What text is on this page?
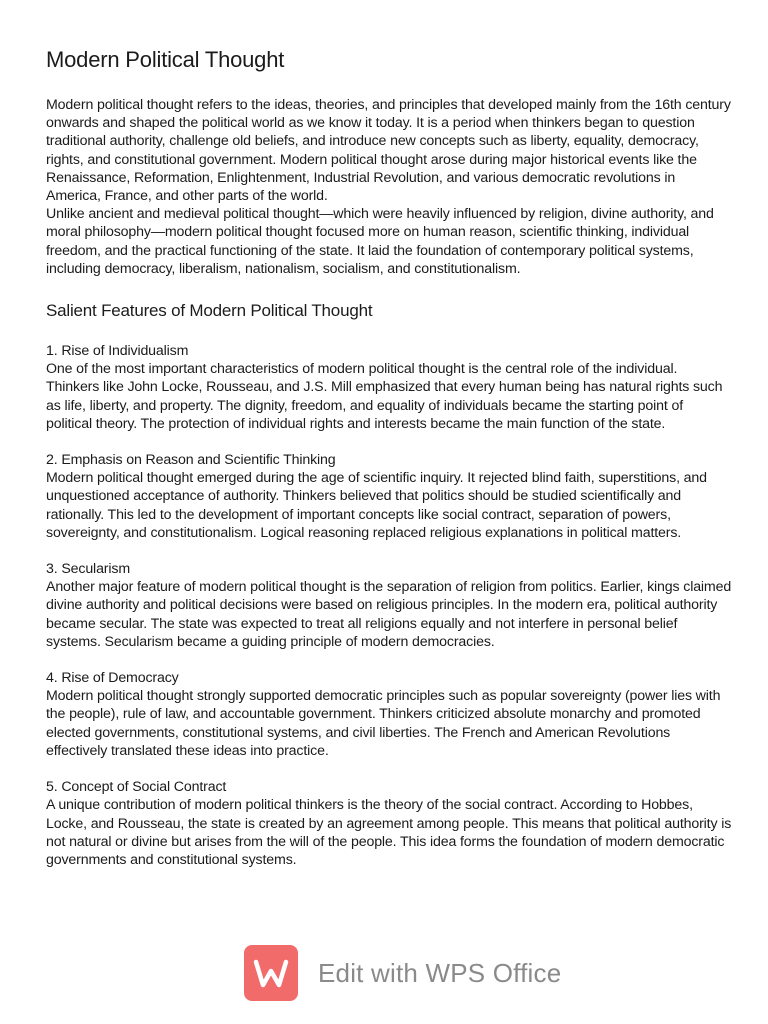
Modern Political Thought

Modern political thought refers to the ideas, theories, and principles that developed mainly from the 16th century onwards and shaped the political world as we know it today. It is a period when thinkers began to question traditional authority, challenge old beliefs, and introduce new concepts such as liberty, equality, democracy, rights, and constitutional government. Modern political thought arose during major historical events like the Renaissance, Reformation, Enlightenment, Industrial Revolution, and various democratic revolutions in America, France, and other parts of the world.

Unlike ancient and medieval political thought—which were heavily influenced by religion, divine authority, and moral philosophy—modern political thought focused more on human reason, scientific thinking, individual freedom, and the practical functioning of the state. It laid the foundation of contemporary political systems, including democracy, liberalism, nationalism, socialism, and constitutionalism.

Salient Features of Modern Political Thought
1. Rise of Individualism

One of the most important characteristics of modern political thought is the central role of the individual. Thinkers like John Locke, Rousseau, and J.S. Mill emphasized that every human being has natural rights such as life, liberty, and property. The dignity, freedom, and equality of individuals became the starting point of political theory. The protection of individual rights and interests became the main function of the state.

2. Emphasis on Reason and Scientific Thinking

Modern political thought emerged during the age of scientific inquiry. It rejected blind faith, superstitions, and unquestioned acceptance of authority. Thinkers believed that politics should be studied scientifically and rationally. This led to the development of important concepts like social contract, separation of powers, sovereignty, and constitutionalism. Logical reasoning replaced religious explanations in political matters.

3. Secularism

Another major feature of modern political thought is the separation of religion from politics. Earlier, kings claimed divine authority and political decisions were based on religious principles. In the modern era, political authority became secular. The state was expected to treat all religions equally and not interfere in personal belief systems. Secularism became a guiding principle of modern democracies.

4. Rise of Democracy

Modern political thought strongly supported democratic principles such as popular sovereignty (power lies with the people), rule of law, and accountable government. Thinkers criticized absolute monarchy and promoted elected governments, constitutional systems, and civil liberties. The French and American Revolutions effectively translated these ideas into practice.

5. Concept of Social Contract

A unique contribution of modern political thinkers is the theory of the social contract. According to Hobbes, Locke, and Rousseau, the state is created by an agreement among people. This means that political authority is not natural or divine but arises from the will of the people. This idea forms the foundation of modern democratic governments and constitutional systems.

Edit with WPS Office
